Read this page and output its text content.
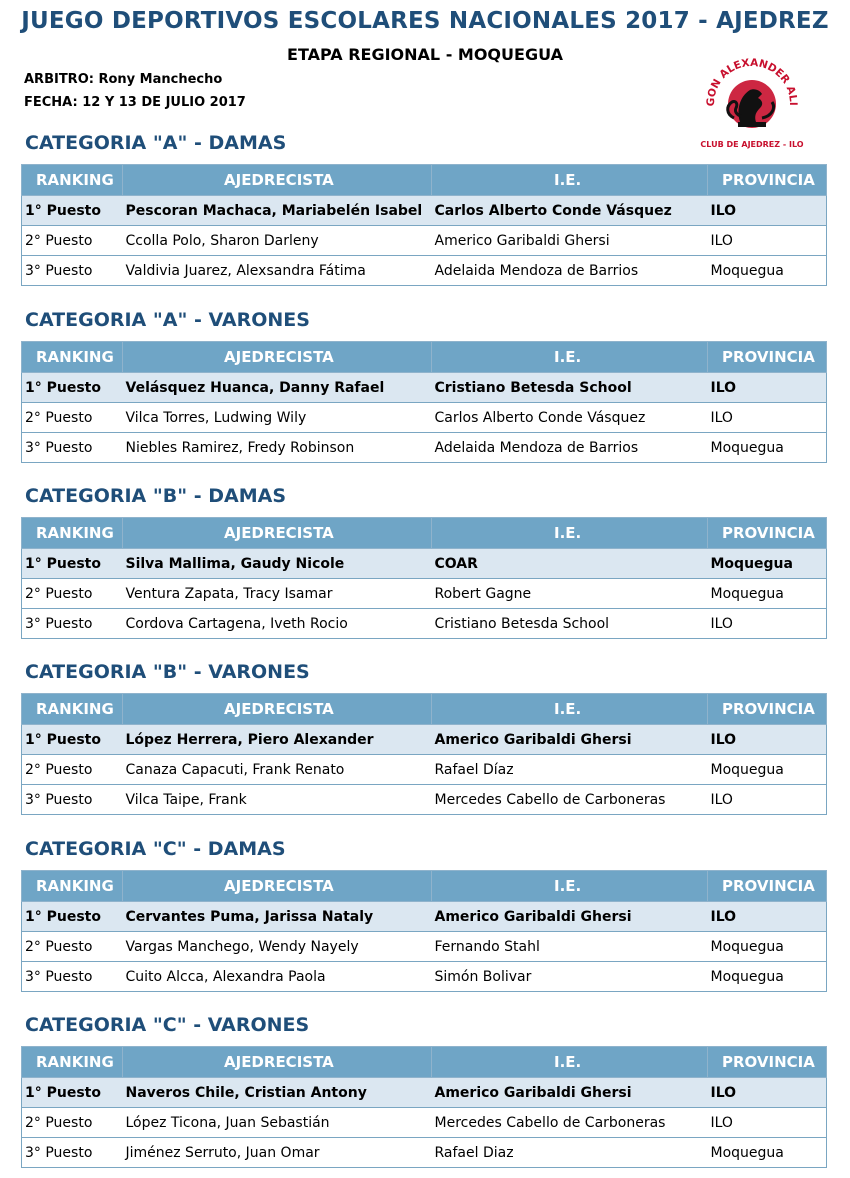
JUEGO DEPORTIVOS ESCOLARES NACIONALES 2017 - AJEDREZ
ETAPA REGIONAL - MOQUEGUA
ARBITRO: Rony Manchecho
FECHA: 12 Y 13 DE JULIO 2017	GON ALEXANDER ALI
CLUB DE AJEDREZ - ILO
CATEGORIA "A" - DAMAS
RANKING	AJEDRECISTA	I.E.	PROVINCIA
1° Puesto	Pescoran Machaca, Mariabelén Isabel	Carlos Alberto Conde Vásquez	ILO
2° Puesto	Ccolla Polo, Sharon Darleny	Americo Garibaldi Ghersi	ILO
3° Puesto	Valdivia Juarez, Alexsandra Fátima	Adelaida Mendoza de Barrios	Moquegua
CATEGORIA "A" - VARONES
RANKING	AJEDRECISTA	I.E.	PROVINCIA
1° Puesto	Velásquez Huanca, Danny Rafael	Cristiano Betesda School	ILO
2° Puesto	Vilca Torres, Ludwing Wily	Carlos Alberto Conde Vásquez	ILO
3° Puesto	Niebles Ramirez, Fredy Robinson	Adelaida Mendoza de Barrios	Moquegua
CATEGORIA "B" - DAMAS
RANKING	AJEDRECISTA	I.E.	PROVINCIA
1° Puesto	Silva Mallima, Gaudy Nicole	COAR	Moquegua
2° Puesto	Ventura Zapata, Tracy Isamar	Robert Gagne	Moquegua
3° Puesto	Cordova Cartagena, Iveth Rocio	Cristiano Betesda School	ILO
CATEGORIA "B" - VARONES
RANKING	AJEDRECISTA	I.E.	PROVINCIA
1° Puesto	López Herrera, Piero Alexander	Americo Garibaldi Ghersi	ILO
2° Puesto	Canaza Capacuti, Frank Renato	Rafael Díaz	Moquegua
3° Puesto	Vilca Taipe, Frank	Mercedes Cabello de Carboneras	ILO
CATEGORIA "C" - DAMAS
RANKING	AJEDRECISTA	I.E.	PROVINCIA
1° Puesto	Cervantes Puma, Jarissa Nataly	Americo Garibaldi Ghersi	ILO
2° Puesto	Vargas Manchego, Wendy Nayely	Fernando Stahl	Moquegua
3° Puesto	Cuito Alcca, Alexandra Paola	Simón Bolivar	Moquegua
CATEGORIA "C" - VARONES
RANKING	AJEDRECISTA	I.E.	PROVINCIA
1° Puesto	Naveros Chile, Cristian Antony	Americo Garibaldi Ghersi	ILO
2° Puesto	López Ticona, Juan Sebastián	Mercedes Cabello de Carboneras	ILO
3° Puesto	Jiménez Serruto, Juan Omar	Rafael Diaz	Moquegua
